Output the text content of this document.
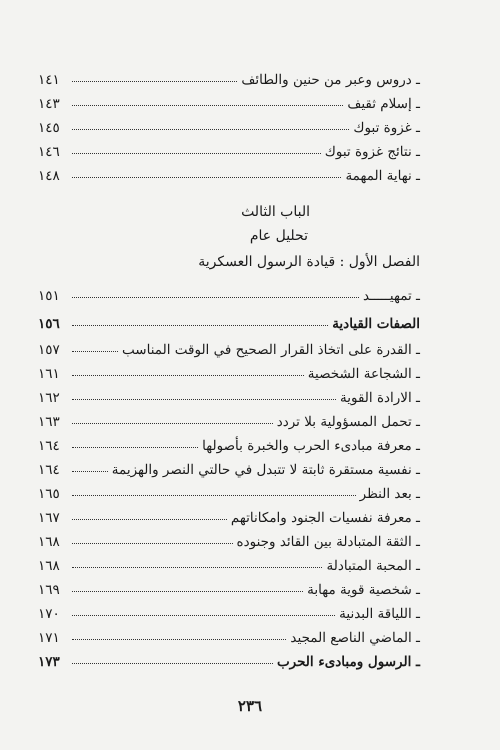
ـ دروس وعبر من حنين والطائف
١٤١
ـ إسلام ثقيف
١٤٣
ـ غزوة تبوك
١٤٥
ـ نتائج غزوة تبوك
١٤٦
ـ نهاية المهمة
١٤٨
الباب الثالث
تحليل عام
الفصل الأول : قيادة الرسول العسكرية
ـ تمهيـــــد
١٥١
الصفات القيادية
١٥٦
ـ القدرة على اتخاذ القرار الصحيح في الوقت المناسب
١٥٧
ـ الشجاعة الشخصية
١٦١
ـ الارادة القوية
١٦٢
ـ تحمل المسؤولية بلا تردد
١٦٣
ـ معرفة مبادىء الحرب والخبرة بأصولها
١٦٤
ـ نفسية مستقرة ثابتة لا تتبدل في حالتي النصر والهزيمة
١٦٤
ـ بعد النظر
١٦٥
ـ معرفة نفسيات الجنود وامكاناتهم
١٦٧
ـ الثقة المتبادلة بين القائد وجنوده
١٦٨
ـ المحبة المتبادلة
١٦٨
ـ شخصية قوية مهابة
١٦٩
ـ اللياقة البدنية
١٧٠
ـ الماضي الناصع المجيد
١٧١
ـ الرسول ومبادىء الحرب
١٧٣
٢٣٦
